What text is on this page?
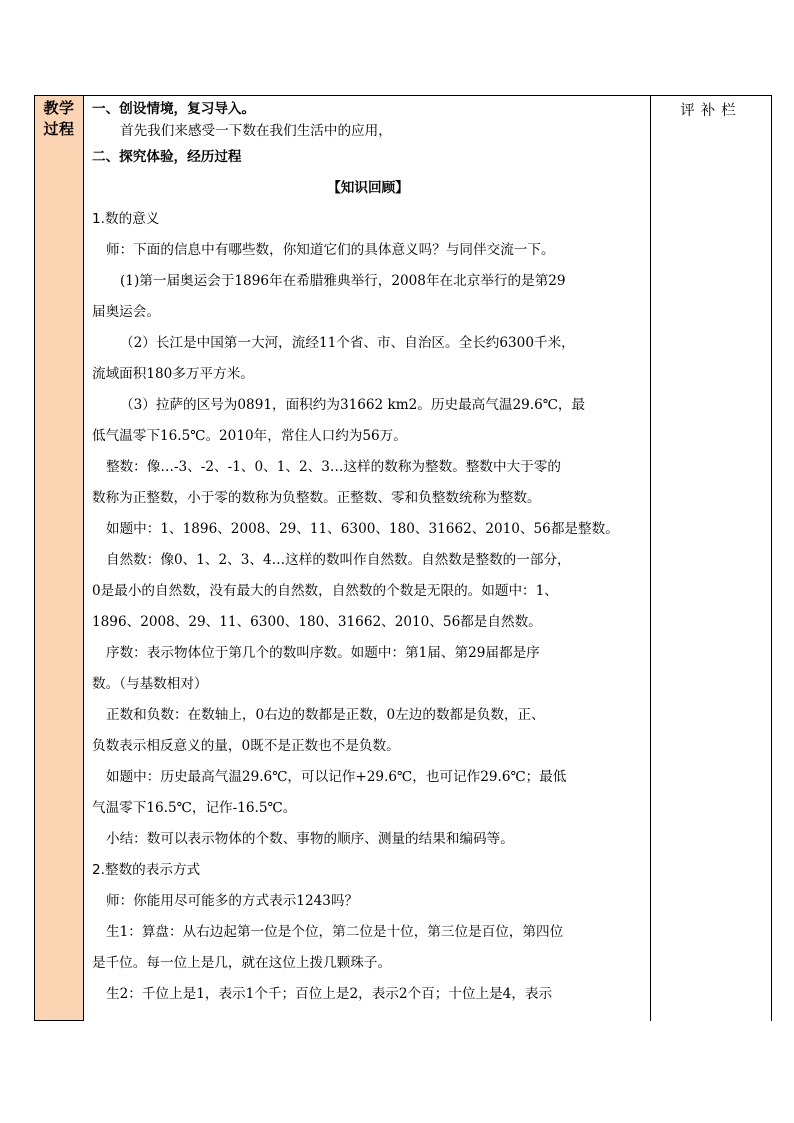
教学
过程

一、创设情境，复习导入。
首先我们来感受一下数在我们生活中的应用，
二、探究体验，经历过程
【知识回顾】
1.数的意义
师：下面的信息中有哪些数，你知道它们的具体意义吗？与同伴交流一下。
(1)第一届奥运会于1896年在希腊雅典举行，2008年在北京举行的是第29
届奥运会。
（2）长江是中国第一大河，流经11个省、市、自治区。全长约6300千米，
流域面积180多万平方米。
（3）拉萨的区号为0891，面积约为31662 km2。历史最高气温29.6℃，最
低气温零下16.5℃。2010年，常住人口约为56万。
整数：像…-3、-2、-1、0、1、2、3…这样的数称为整数。整数中大于零的
数称为正整数，小于零的数称为负整数。正整数、零和负整数统称为整数。
如题中：1、1896、2008、29、11、6300、180、31662、2010、56都是整数。
自然数：像0、1、2、3、4…这样的数叫作自然数。自然数是整数的一部分，
0是最小的自然数，没有最大的自然数，自然数的个数是无限的。如题中：1、
1896、2008、29、11、6300、180、31662、2010、56都是自然数。
序数：表示物体位于第几个的数叫序数。如题中：第1届、第29届都是序
数。（与基数相对）
正数和负数：在数轴上，0右边的数都是正数，0左边的数都是负数，正、
负数表示相反意义的量，0既不是正数也不是负数。
如题中：历史最高气温29.6℃，可以记作+29.6℃，也可记作29.6℃；最低
气温零下16.5℃，记作-16.5℃。
小结：数可以表示物体的个数、事物的顺序、测量的结果和编码等。
2.整数的表示方式
师：你能用尽可能多的方式表示1243吗？
生1：算盘：从右边起第一位是个位，第二位是十位，第三位是百位，第四位
是千位。每一位上是几，就在这位上拨几颗珠子。
生2：千位上是1，表示1个千；百位上是2，表示2个百；十位上是4，表示

评补栏
